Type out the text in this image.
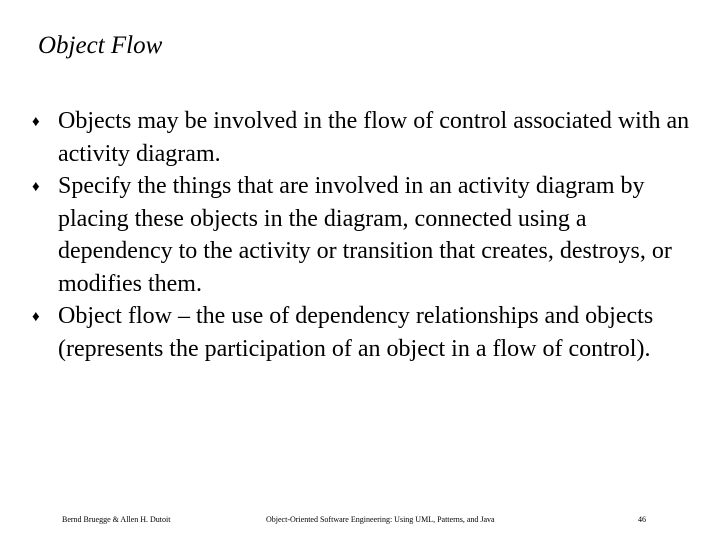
Object Flow
♦ Objects may be involved in the flow of control associated with an activity diagram.
♦ Specify the things that are involved in an activity diagram by placing these objects in the diagram, connected using a dependency to the activity or transition that creates, destroys, or modifies them.
♦ Object flow – the use of dependency relationships and objects (represents the participation of an object in a flow of control).
Bernd Bruegge & Allen H. Dutoit	Object-Oriented Software Engineering: Using UML, Patterns, and Java	46
